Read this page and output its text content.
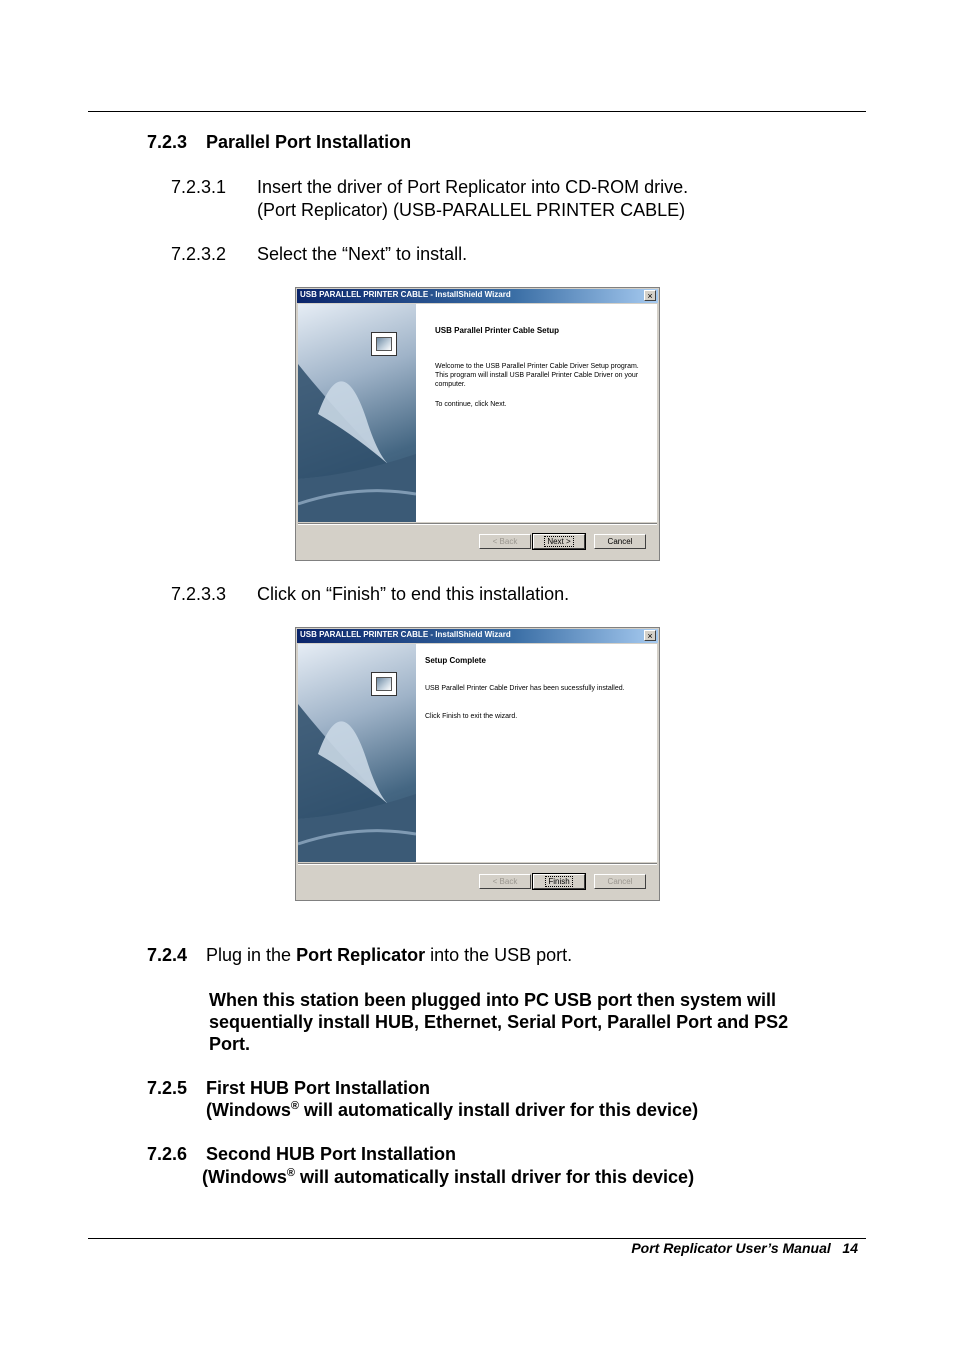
7.2.3 Parallel Port Installation
7.2.3.1 Insert the driver of Port Replicator into CD-ROM drive.
(Port Replicator) (USB-PARALLEL PRINTER CABLE)
7.2.3.2 Select the “Next” to install.
USB PARALLEL PRINTER CABLE - InstallShield Wizard	×
USB Parallel Printer Cable Setup
Welcome to the USB Parallel Printer Cable Driver Setup program. This program will install USB Parallel Printer Cable Driver on your computer.
To continue, click Next.
< Back	Next >	Cancel
7.2.3.3 Click on “Finish” to end this installation.
USB PARALLEL PRINTER CABLE - InstallShield Wizard	×
Setup Complete
USB Parallel Printer Cable Driver has been sucessfully installed.
Click Finish to exit the wizard.
< Back	Finish	Cancel
7.2.4 Plug in the Port Replicator into the USB port.
When this station been plugged into PC USB port then system will
sequentially install HUB, Ethernet, Serial Port, Parallel Port and PS2
Port.
7.2.5 First HUB Port Installation
(Windows® will automatically install driver for this device)
7.2.6 Second HUB Port Installation
(Windows® will automatically install driver for this device)
Port Replicator User’s Manual   14
